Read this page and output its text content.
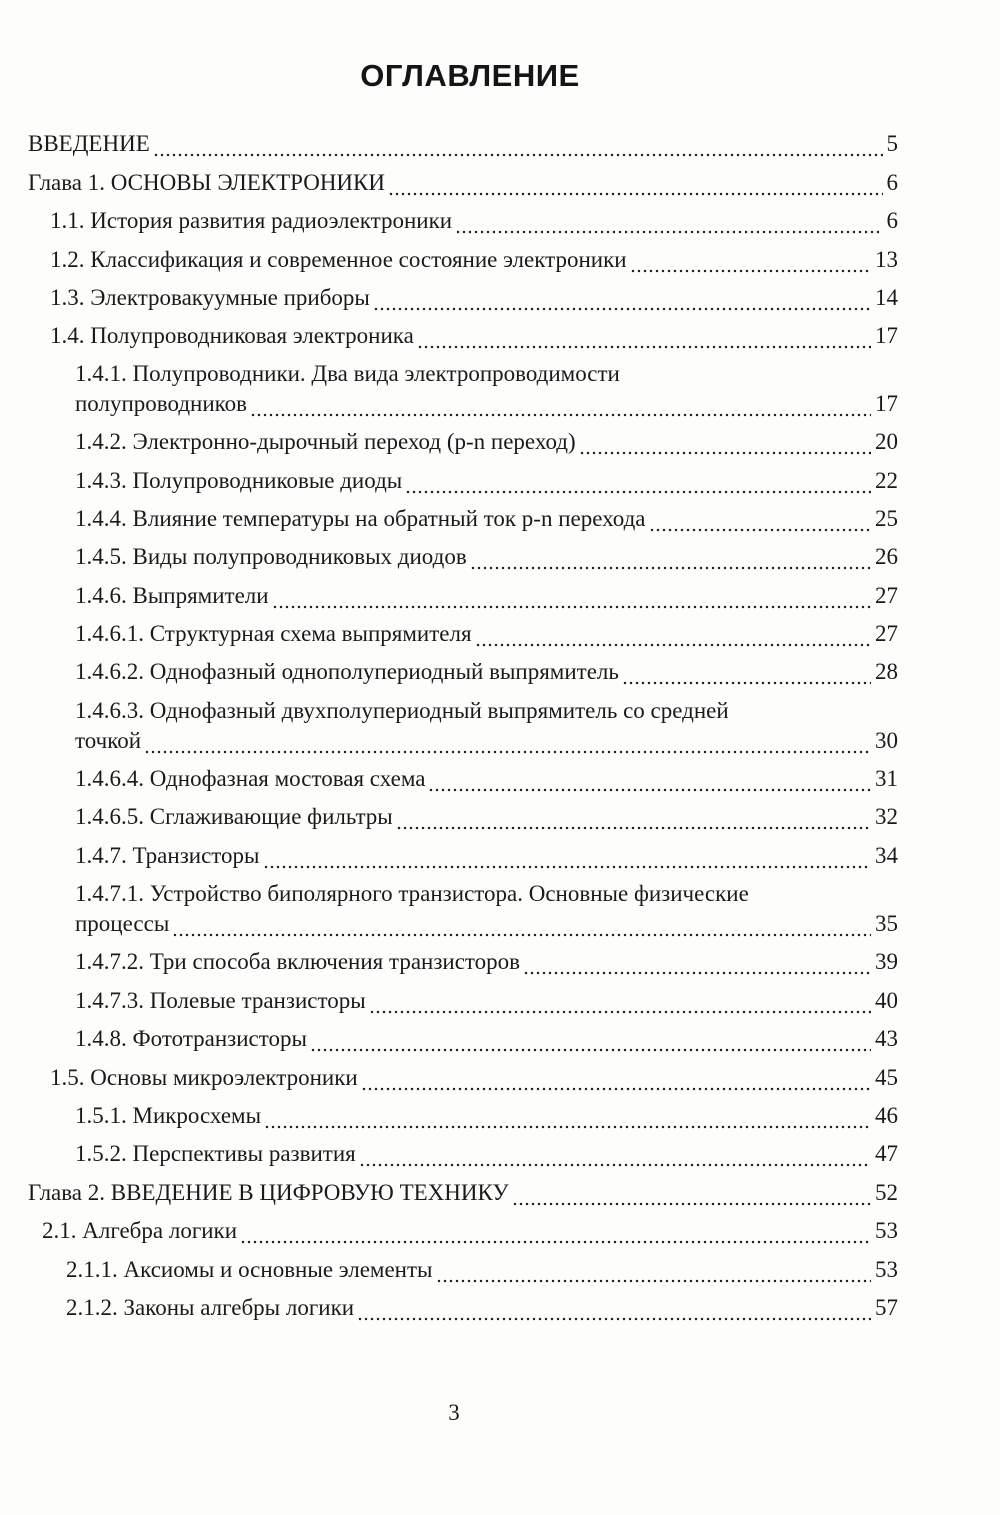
ОГЛАВЛЕНИЕ
ВВЕДЕНИЕ	5
Глава 1. ОСНОВЫ ЭЛЕКТРОНИКИ	6
1.1. История развития радиоэлектроники	6
1.2. Классификация и современное состояние электроники	13
1.3. Электровакуумные приборы	14
1.4. Полупроводниковая электроника	17
1.4.1. Полупроводники. Два вида электропроводимости
полупроводников	17
1.4.2. Электронно-дырочный переход (p-n переход)	20
1.4.3. Полупроводниковые диоды	22
1.4.4. Влияние температуры на обратный ток p-n перехода	25
1.4.5. Виды полупроводниковых диодов	26
1.4.6. Выпрямители	27
1.4.6.1. Структурная схема выпрямителя	27
1.4.6.2. Однофазный однополупериодный выпрямитель	28
1.4.6.3. Однофазный двухполупериодный выпрямитель со средней
точкой	30
1.4.6.4. Однофазная мостовая схема	31
1.4.6.5. Сглаживающие фильтры	32
1.4.7. Транзисторы	34
1.4.7.1. Устройство биполярного транзистора. Основные физические
процессы	35
1.4.7.2. Три способа включения транзисторов	39
1.4.7.3. Полевые транзисторы	40
1.4.8. Фототранзисторы	43
1.5. Основы микроэлектроники	45
1.5.1. Микросхемы	46
1.5.2. Перспективы развития	47
Глава 2. ВВЕДЕНИЕ В ЦИФРОВУЮ ТЕХНИКУ	52
2.1. Алгебра логики	53
2.1.1. Аксиомы и основные элементы	53
2.1.2. Законы алгебры логики	57
3
